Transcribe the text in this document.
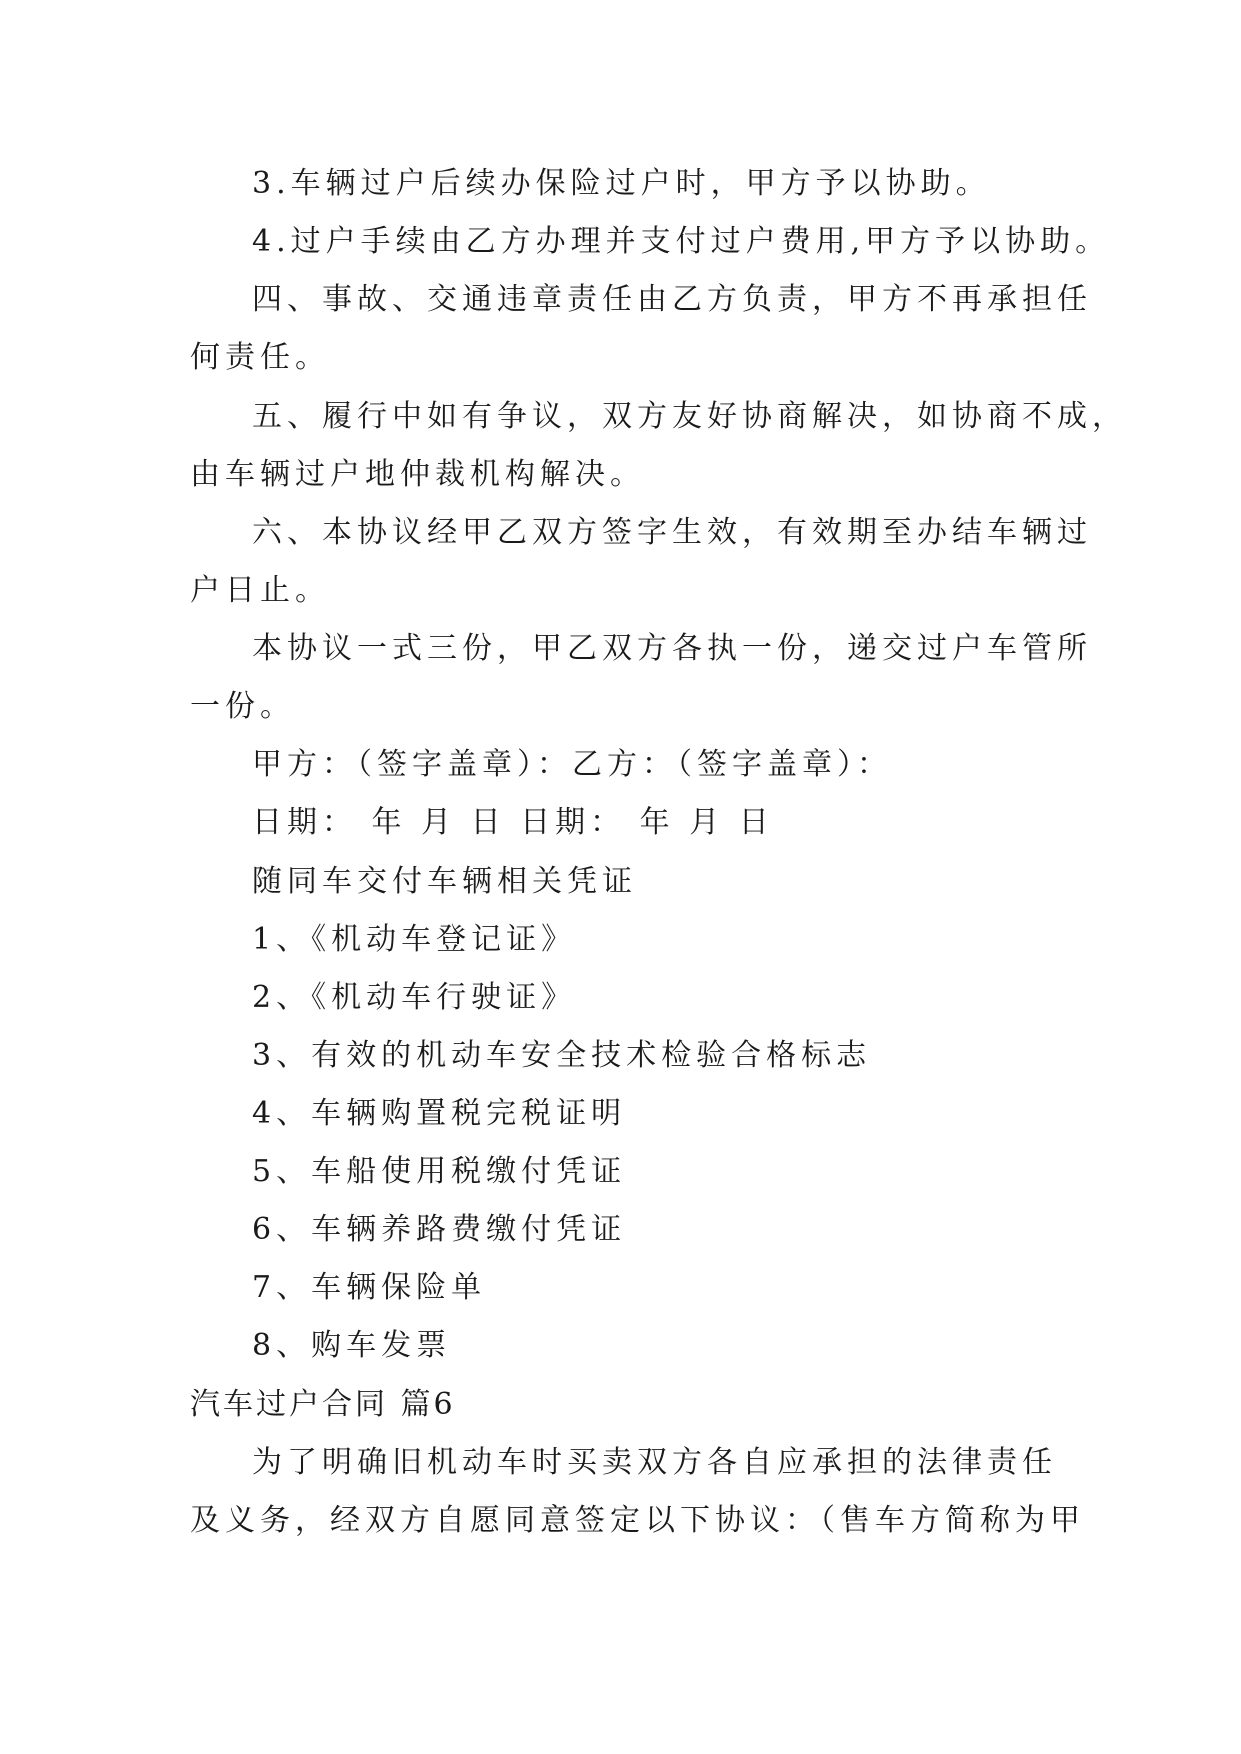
3.车辆过户后续办保险过户时，甲方予以协助。
4.过户手续由乙方办理并支付过户费用,甲方予以协助。
四、事故、交通违章责任由乙方负责，甲方不再承担任
何责任。
五、履行中如有争议，双方友好协商解决，如协商不成，
由车辆过户地仲裁机构解决。
六、本协议经甲乙双方签字生效，有效期至办结车辆过
户日止。
本协议一式三份，甲乙双方各执一份，递交过户车管所
一份。
甲方：（签字盖章）：乙方：（签字盖章）：
日期： 年 月 日 日期： 年 月 日
随同车交付车辆相关凭证
1、《机动车登记证》
2、《机动车行驶证》
3、有效的机动车安全技术检验合格标志
4、车辆购置税完税证明
5、车船使用税缴付凭证
6、车辆养路费缴付凭证
7、车辆保险单
8、购车发票
汽车过户合同 篇6
为了明确旧机动车时买卖双方各自应承担的法律责任
及义务，经双方自愿同意签定以下协议：（售车方简称为甲
